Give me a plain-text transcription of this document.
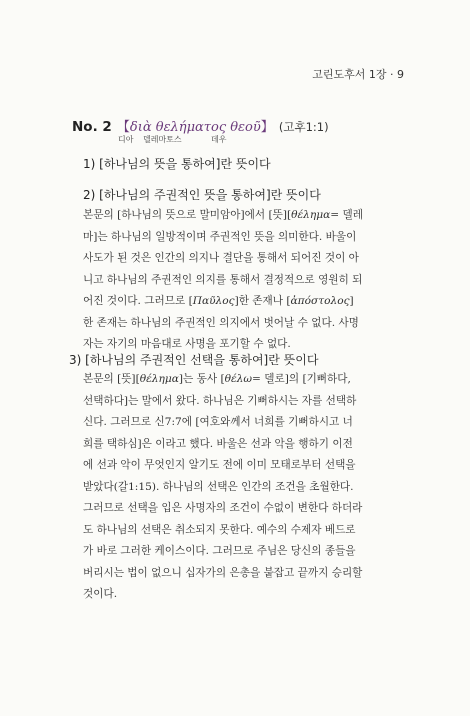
고린도후서 1장 · 9
No. 2 【διὰ θελήματος θεοῦ】 (고후1:1)
디아 델레마토스	데우
1) [하나님의 뜻을 통하여]란 뜻이다
2) [하나님의 주권적인 뜻을 통하여]란 뜻이다
본문의 [하나님의 뜻으로 말미암아]에서 [뜻][θέλημα= 델레
마]는 하나님의 일방적이며 주권적인 뜻을 의미한다. 바울이
사도가 된 것은 인간의 의지나 결단을 통해서 되어진 것이 아
니고 하나님의 주권적인 의지를 통해서 결정적으로 영원히 되
어진 것이다. 그러므로 [Παῦλος]한 존재나 [ἀπόστολος]
한 존재는 하나님의 주권적인 의지에서 벗어날 수 없다. 사명
자는 자기의 마음대로 사명을 포기할 수 없다.
3) [하나님의 주권적인 선택을 통하여]란 뜻이다
본문의 [뜻][θέλημα]는 동사 [θέλω= 델로]의 [기뻐하다,
선택하다]는 말에서 왔다. 하나님은 기뻐하시는 자를 선택하
신다. 그러므로 신7:7에 [여호와께서 너희를 기뻐하시고 너
희를 택하심]은 이라고 했다. 바울은 선과 악을 행하기 이전
에 선과 악이 무엇인지 알기도 전에 이미 모태로부터 선택을
받았다(갈1:15). 하나님의 선택은 인간의 조건을 초월한다.
그러므로 선택을 입은 사명자의 조건이 수없이 변한다 하더라
도 하나님의 선택은 취소되지 못한다. 예수의 수제자 베드로
가 바로 그러한 케이스이다. 그러므로 주님은 당신의 종들을
버리시는 법이 없으니 십자가의 은총을 붙잡고 끝까지 승리할
것이다.
